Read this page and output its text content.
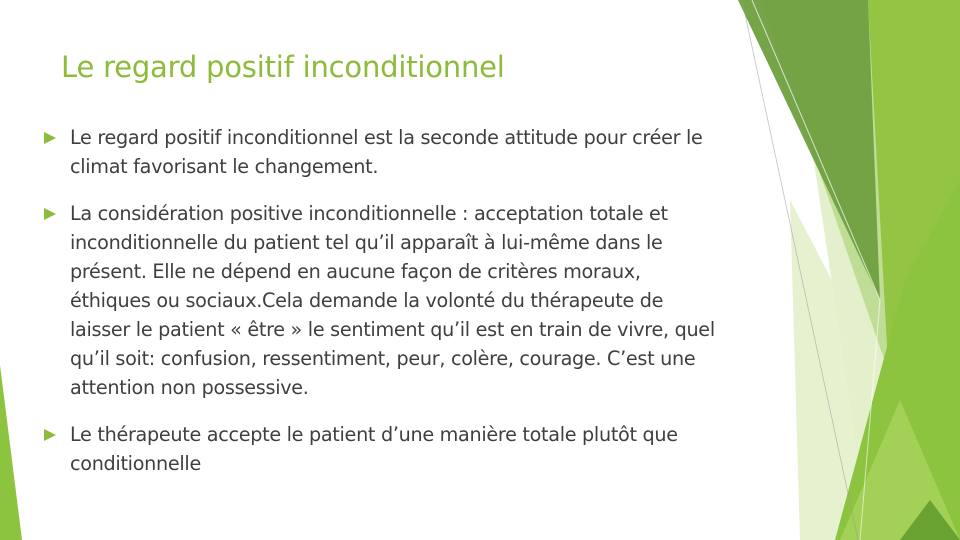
Le regard positif inconditionnel
Le regard positif inconditionnel est la seconde attitude pour créer le climat favorisant le changement.
La considération positive inconditionnelle : acceptation totale et inconditionnelle du patient tel qu’il apparaît à lui-même dans le présent. Elle ne dépend en aucune façon de critères moraux, éthiques ou sociaux.Cela demande la volonté du thérapeute de laisser le patient « être » le sentiment qu’il est en train de vivre, quel qu’il soit: confusion, ressentiment, peur, colère, courage. C’est une attention non possessive.
Le thérapeute accepte le patient d’une manière totale plutôt que conditionnelle
